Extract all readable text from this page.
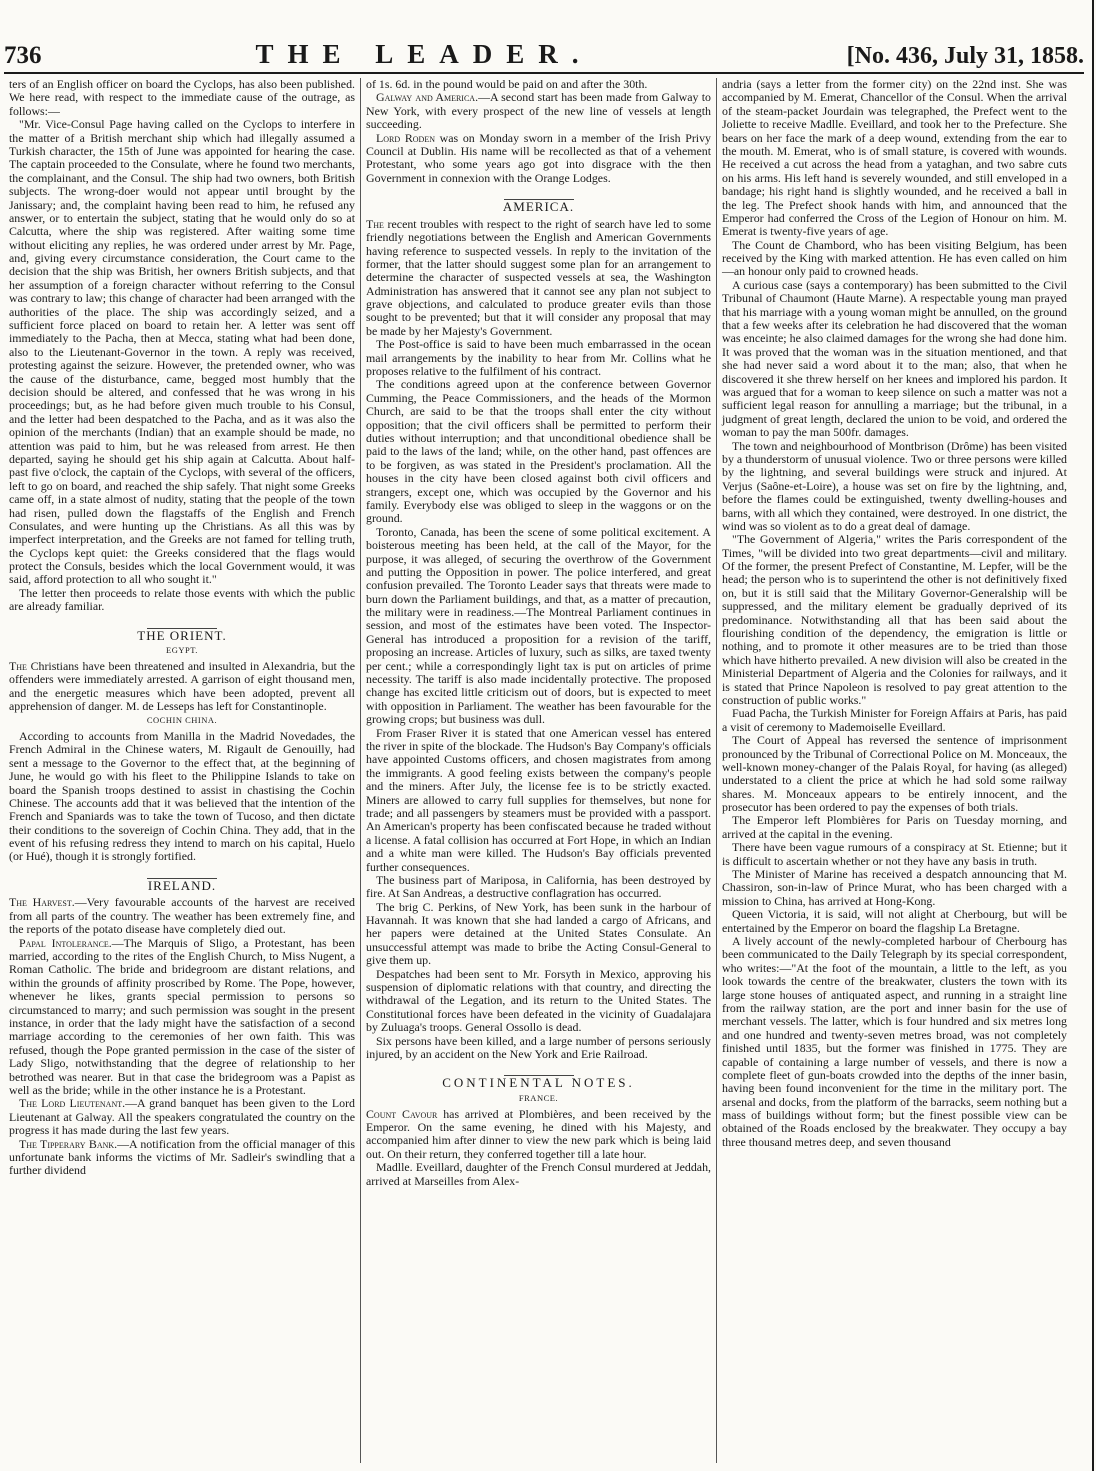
736	THE LEADER.	[No. 436, July 31, 1858.

ters of an English officer on board the Cyclops, has also been published. We here read, with respect to the immediate cause of the outrage, as follows:—

"Mr. Vice-Consul Page having called on the Cyclops to interfere in the matter of a British merchant ship which had illegally assumed a Turkish character, the 15th of June was appointed for hearing the case. The captain proceeded to the Consulate, where he found two merchants, the complainant, and the Consul. The ship had two owners, both British subjects. The wrong-doer would not appear until brought by the Janissary; and, the complaint having been read to him, he refused any answer, or to entertain the subject, stating that he would only do so at Calcutta, where the ship was registered. After waiting some time without eliciting any replies, he was ordered under arrest by Mr. Page, and, giving every circumstance consideration, the Court came to the decision that the ship was British, her owners British subjects, and that her assumption of a foreign character without referring to the Consul was contrary to law; this change of character had been arranged with the authorities of the place. The ship was accordingly seized, and a sufficient force placed on board to retain her. A letter was sent off immediately to the Pacha, then at Mecca, stating what had been done, also to the Lieutenant-Governor in the town. A reply was received, protesting against the seizure. However, the pretended owner, who was the cause of the disturbance, came, begged most humbly that the decision should be altered, and confessed that he was wrong in his proceedings; but, as he had before given much trouble to his Consul, and the letter had been despatched to the Pacha, and as it was also the opinion of the merchants (Indian) that an example should be made, no attention was paid to him, but he was released from arrest. He then departed, saying he should get his ship again at Calcutta. About half-past five o'clock, the captain of the Cyclops, with several of the officers, left to go on board, and reached the ship safely. That night some Greeks came off, in a state almost of nudity, stating that the people of the town had risen, pulled down the flagstaffs of the English and French Consulates, and were hunting up the Christians. As all this was by imperfect interpretation, and the Greeks are not famed for telling truth, the Cyclops kept quiet: the Greeks considered that the flags would protect the Consuls, besides which the local Government would, it was said, afford protection to all who sought it."

The letter then proceeds to relate those events with which the public are already familiar.

THE ORIENT.
EGYPT.

The Christians have been threatened and insulted in Alexandria, but the offenders were immediately arrested. A garrison of eight thousand men, and the energetic measures which have been adopted, prevent all apprehension of danger. M. de Lesseps has left for Constantinople.

COCHIN CHINA.

According to accounts from Manilla in the Madrid Novedades, the French Admiral in the Chinese waters, M. Rigault de Genouilly, had sent a message to the Governor to the effect that, at the beginning of June, he would go with his fleet to the Philippine Islands to take on board the Spanish troops destined to assist in chastising the Cochin Chinese. The accounts add that it was believed that the intention of the French and Spaniards was to take the town of Tucoso, and then dictate their conditions to the sovereign of Cochin China. They add, that in the event of his refusing redress they intend to march on his capital, Huelo (or Hué), though it is strongly fortified.

IRELAND.

The Harvest.—Very favourable accounts of the harvest are received from all parts of the country. The weather has been extremely fine, and the reports of the potato disease have completely died out.

Papal Intolerance.—The Marquis of Sligo, a Protestant, has been married, according to the rites of the English Church, to Miss Nugent, a Roman Catholic. The bride and bridegroom are distant relations, and within the grounds of affinity proscribed by Rome. The Pope, however, whenever he likes, grants special permission to persons so circumstanced to marry; and such permission was sought in the present instance, in order that the lady might have the satisfaction of a second marriage according to the ceremonies of her own faith. This was refused, though the Pope granted permission in the case of the sister of Lady Sligo, notwithstanding that the degree of relationship to her betrothed was nearer. But in that case the bridegroom was a Papist as well as the bride; while in the other instance he is a Protestant.

The Lord Lieutenant.—A grand banquet has been given to the Lord Lieutenant at Galway. All the speakers congratulated the country on the progress it has made during the last few years.

The Tipperary Bank.—A notification from the official manager of this unfortunate bank informs the victims of Mr. Sadleir's swindling that a further dividend

of 1s. 6d. in the pound would be paid on and after the 30th.

Galway and America.—A second start has been made from Galway to New York, with every prospect of the new line of vessels at length succeeding.

Lord Roden was on Monday sworn in a member of the Irish Privy Council at Dublin. His name will be recollected as that of a vehement Protestant, who some years ago got into disgrace with the then Government in connexion with the Orange Lodges.

AMERICA.

The recent troubles with respect to the right of search have led to some friendly negotiations between the English and American Governments having reference to suspected vessels. In reply to the invitation of the former, that the latter should suggest some plan for an arrangement to determine the character of suspected vessels at sea, the Washington Administration has answered that it cannot see any plan not subject to grave objections, and calculated to produce greater evils than those sought to be prevented; but that it will consider any proposal that may be made by her Majesty's Government.

The Post-office is said to have been much embarrassed in the ocean mail arrangements by the inability to hear from Mr. Collins what he proposes relative to the fulfilment of his contract.

The conditions agreed upon at the conference between Governor Cumming, the Peace Commissioners, and the heads of the Mormon Church, are said to be that the troops shall enter the city without opposition; that the civil officers shall be permitted to perform their duties without interruption; and that unconditional obedience shall be paid to the laws of the land; while, on the other hand, past offences are to be forgiven, as was stated in the President's proclamation. All the houses in the city have been closed against both civil officers and strangers, except one, which was occupied by the Governor and his family. Everybody else was obliged to sleep in the waggons or on the ground.

Toronto, Canada, has been the scene of some political excitement. A boisterous meeting has been held, at the call of the Mayor, for the purpose, it was alleged, of securing the overthrow of the Government and putting the Opposition in power. The police interfered, and great confusion prevailed. The Toronto Leader says that threats were made to burn down the Parliament buildings, and that, as a matter of precaution, the military were in readiness.—The Montreal Parliament continues in session, and most of the estimates have been voted. The Inspector-General has introduced a proposition for a revision of the tariff, proposing an increase. Articles of luxury, such as silks, are taxed twenty per cent.; while a correspondingly light tax is put on articles of prime necessity. The tariff is also made incidentally protective. The proposed change has excited little criticism out of doors, but is expected to meet with opposition in Parliament. The weather has been favourable for the growing crops; but business was dull.

From Fraser River it is stated that one American vessel has entered the river in spite of the blockade. The Hudson's Bay Company's officials have appointed Customs officers, and chosen magistrates from among the immigrants. A good feeling exists between the company's people and the miners. After July, the license fee is to be strictly exacted. Miners are allowed to carry full supplies for themselves, but none for trade; and all passengers by steamers must be provided with a passport. An American's property has been confiscated because he traded without a license. A fatal collision has occurred at Fort Hope, in which an Indian and a white man were killed. The Hudson's Bay officials prevented further consequences.

The business part of Mariposa, in California, has been destroyed by fire. At San Andreas, a destructive conflagration has occurred.

The brig C. Perkins, of New York, has been sunk in the harbour of Havannah. It was known that she had landed a cargo of Africans, and her papers were detained at the United States Consulate. An unsuccessful attempt was made to bribe the Acting Consul-General to give them up.

Despatches had been sent to Mr. Forsyth in Mexico, approving his suspension of diplomatic relations with that country, and directing the withdrawal of the Legation, and its return to the United States. The Constitutional forces have been defeated in the vicinity of Guadalajara by Zuluaga's troops. General Ossollo is dead.

Six persons have been killed, and a large number of persons seriously injured, by an accident on the New York and Erie Railroad.

CONTINENTAL NOTES.
FRANCE.

Count Cavour has arrived at Plombières, and been received by the Emperor. On the same evening, he dined with his Majesty, and accompanied him after dinner to view the new park which is being laid out. On their return, they conferred together till a late hour.

Madlle. Eveillard, daughter of the French Consul murdered at Jeddah, arrived at Marseilles from Alex-

andria (says a letter from the former city) on the 22nd inst. She was accompanied by M. Emerat, Chancellor of the Consul. When the arrival of the steam-packet Jourdain was telegraphed, the Prefect went to the Joliette to receive Madlle. Eveillard, and took her to the Prefecture. She bears on her face the mark of a deep wound, extending from the ear to the mouth. M. Emerat, who is of small stature, is covered with wounds. He received a cut across the head from a yataghan, and two sabre cuts on his arms. His left hand is severely wounded, and still enveloped in a bandage; his right hand is slightly wounded, and he received a ball in the leg. The Prefect shook hands with him, and announced that the Emperor had conferred the Cross of the Legion of Honour on him. M. Emerat is twenty-five years of age.

The Count de Chambord, who has been visiting Belgium, has been received by the King with marked attention. He has even called on him—an honour only paid to crowned heads.

A curious case (says a contemporary) has been submitted to the Civil Tribunal of Chaumont (Haute Marne). A respectable young man prayed that his marriage with a young woman might be annulled, on the ground that a few weeks after its celebration he had discovered that the woman was enceinte; he also claimed damages for the wrong she had done him. It was proved that the woman was in the situation mentioned, and that she had never said a word about it to the man; also, that when he discovered it she threw herself on her knees and implored his pardon. It was argued that for a woman to keep silence on such a matter was not a sufficient legal reason for annulling a marriage; but the tribunal, in a judgment of great length, declared the union to be void, and ordered the woman to pay the man 500fr. damages.

The town and neighbourhood of Montbrison (Drôme) has been visited by a thunderstorm of unusual violence. Two or three persons were killed by the lightning, and several buildings were struck and injured. At Verjus (Saône-et-Loire), a house was set on fire by the lightning, and, before the flames could be extinguished, twenty dwelling-houses and barns, with all which they contained, were destroyed. In one district, the wind was so violent as to do a great deal of damage.

"The Government of Algeria," writes the Paris correspondent of the Times, "will be divided into two great departments—civil and military. Of the former, the present Prefect of Constantine, M. Lepfer, will be the head; the person who is to superintend the other is not definitively fixed on, but it is still said that the Military Governor-Generalship will be suppressed, and the military element be gradually deprived of its predominance. Notwithstanding all that has been said about the flourishing condition of the dependency, the emigration is little or nothing, and to promote it other measures are to be tried than those which have hitherto prevailed. A new division will also be created in the Ministerial Department of Algeria and the Colonies for railways, and it is stated that Prince Napoleon is resolved to pay great attention to the construction of public works."

Fuad Pacha, the Turkish Minister for Foreign Affairs at Paris, has paid a visit of ceremony to Mademoiselle Eveillard.

The Court of Appeal has reversed the sentence of imprisonment pronounced by the Tribunal of Correctional Police on M. Monceaux, the well-known money-changer of the Palais Royal, for having (as alleged) understated to a client the price at which he had sold some railway shares. M. Monceaux appears to be entirely innocent, and the prosecutor has been ordered to pay the expenses of both trials.

The Emperor left Plombières for Paris on Tuesday morning, and arrived at the capital in the evening.

There have been vague rumours of a conspiracy at St. Etienne; but it is difficult to ascertain whether or not they have any basis in truth.

The Minister of Marine has received a despatch announcing that M. Chassiron, son-in-law of Prince Murat, who has been charged with a mission to China, has arrived at Hong-Kong.

Queen Victoria, it is said, will not alight at Cherbourg, but will be entertained by the Emperor on board the flagship La Bretagne.

A lively account of the newly-completed harbour of Cherbourg has been communicated to the Daily Telegraph by its special correspondent, who writes:—"At the foot of the mountain, a little to the left, as you look towards the centre of the breakwater, clusters the town with its large stone houses of antiquated aspect, and running in a straight line from the railway station, are the port and inner basin for the use of merchant vessels. The latter, which is four hundred and six metres long and one hundred and twenty-seven metres broad, was not completely finished until 1835, but the former was finished in 1775. They are capable of containing a large number of vessels, and there is now a complete fleet of gun-boats crowded into the depths of the inner basin, having been found inconvenient for the time in the military port. The arsenal and docks, from the platform of the barracks, seem nothing but a mass of buildings without form; but the finest possible view can be obtained of the Roads enclosed by the breakwater. They occupy a bay three thousand metres deep, and seven thousand
